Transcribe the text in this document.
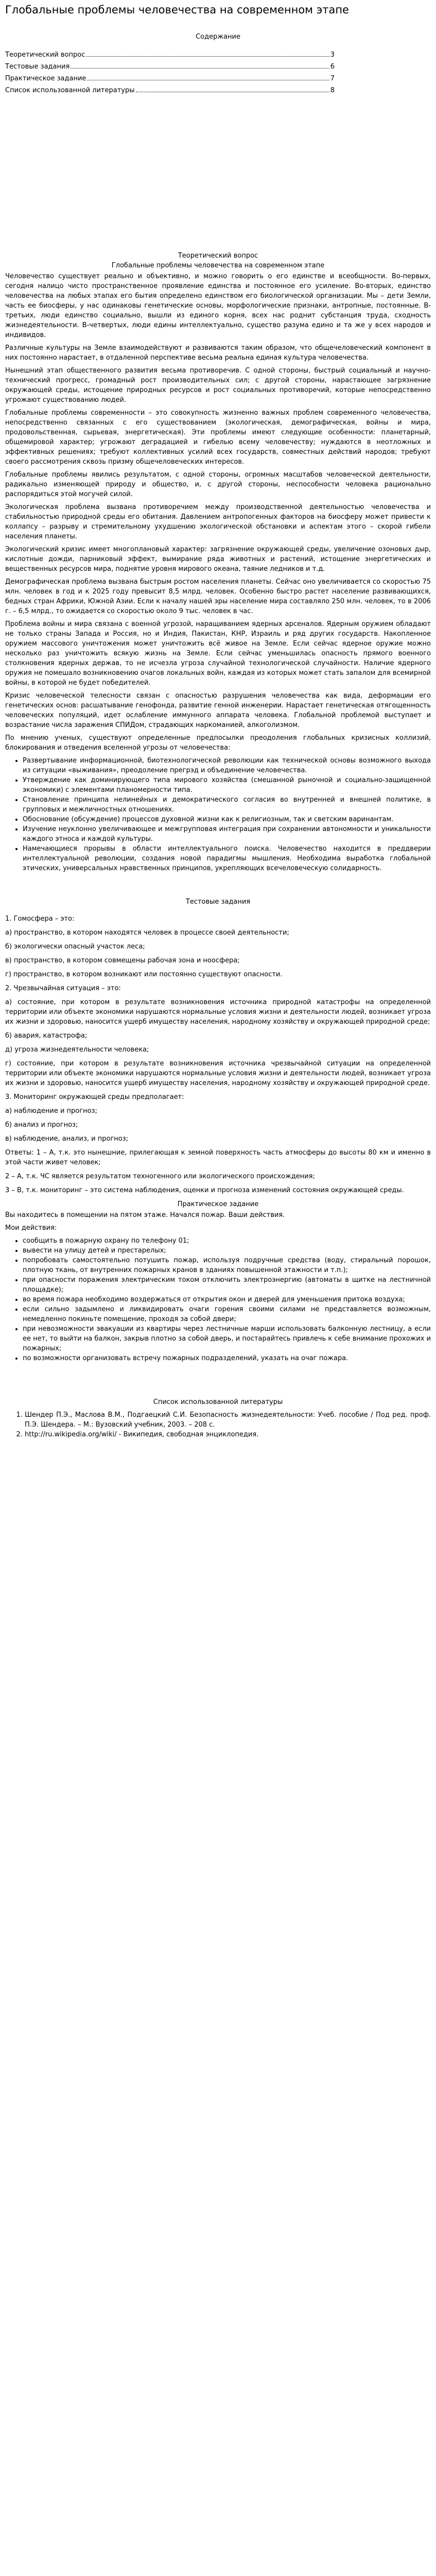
Глобальные проблемы человечества на современном этапе
Содержание
Теоретический вопрос	3
Тестовые задания	6
Практическое задание	7
Список использованной литературы	8
Теоретический вопрос
Глобальные проблемы человечества на современном этапе

Человечество существует реально и объективно, и можно говорить о его единстве и всеобщности. Во-первых, сегодня налицо чисто пространственное проявление единства и постоянное его усиление. Во-вторых, единство человечества на любых этапах его бытия определено единством его биологической организации. Мы – дети Земли, часть ее биосферы, у нас одинаковы генетические основы, морфологические признаки, антропные, постоянные. В-третьих, люди единство социально, вышли из единого корня, всех нас роднит субстанция труда, сходность жизнедеятельности. В-четвертых, люди едины интеллектуально, существо разума едино и та же у всех народов и индивидов.

Различные культуры на Земле взаимодействуют и развиваются таким образом, что общечеловеческий компонент в них постоянно нарастает, в отдаленной перспективе весьма реальна единая культура человечества.

Нынешний этап общественного развития весьма противоречив. С одной стороны, быстрый социальный и научно-технический прогресс, громадный рост производительных сил; с другой стороны, нарастающее загрязнение окружающей среды, истощение природных ресурсов и рост социальных противоречий, которые непосредственно угрожают существованию людей.

Глобальные проблемы современности – это совокупность жизненно важных проблем современного человечества, непосредственно связанных с его существованием (экологическая, демографическая, войны и мира, продовольственная, сырьевая, энергетическая). Эти проблемы имеют следующие особенности: планетарный, общемировой характер; угрожают деградацией и гибелью всему человечеству; нуждаются в неотложных и эффективных решениях; требуют коллективных усилий всех государств, совместных действий народов; требуют своего рассмотрения сквозь призму общечеловеческих интересов.

Глобальные проблемы явились результатом, с одной стороны, огромных масштабов человеческой деятельности, радикально изменяющей природу и общество, и, с другой стороны, неспособности человека рационально распорядиться этой могучей силой.

Экологическая проблема вызвана противоречием между производственной деятельностью человечества и стабильностью природной среды его обитания. Давлением антропогенных факторов на биосферу может привести к коллапсу – разрыву и стремительному ухудшению экологической обстановки и аспектам этого – скорой гибели населения планеты.

Экологический кризис имеет многоплановый характер: загрязнение окружающей среды, увеличение озоновых дыр, кислотные дожди, парниковый эффект, вымирание ряда животных и растений, истощение энергетических и вещественных ресурсов мира, поднятие уровня мирового океана, таяние ледников и т.д.

Демографическая проблема вызвана быстрым ростом населения планеты. Сейчас оно увеличивается со скоростью 75 млн. человек в год и к 2025 году превысит 8,5 млрд. человек. Особенно быстро растет население развивающихся, бедных стран Африки, Южной Азии. Если к началу нашей эры население мира составляло 250 млн. человек, то в 2006 г. – 6,5 млрд., то ожидается со скоростью около 9 тыс. человек в час.

Проблема войны и мира связана с военной угрозой, наращиванием ядерных арсеналов. Ядерным оружием обладают не только страны Запада и Россия, но и Индия, Пакистан, КНР, Израиль и ряд других государств. Накопленное оружием массового уничтожения может уничтожить всё живое на Земле. Если сейчас ядерное оружие можно несколько раз уничтожить всякую жизнь на Земле. Если сейчас уменьшилась опасность прямого военного столкновения ядерных держав, то не исчезла угроза случайной технологической случайности. Наличие ядерного оружия не помешало возникновению очагов локальных войн, каждая из которых может стать запалом для всемирной войны, в которой не будет победителей.

Кризис человеческой телесности связан с опасностью разрушения человечества как вида, деформации его генетических основ: расшатывание генофонда, развитие генной инженерии. Нарастает генетическая отягощенность человеческих популяций, идет ослабление иммунного аппарата человека. Глобальной проблемой выступает и возрастание числа заражения СПИДом, страдающих наркоманией, алкоголизмом.

По мнению ученых, существуют определенные предпосылки преодоления глобальных кризисных коллизий, блокирования и отведения вселенной угрозы от человечества:

• Развертывание информационной, биотехнологической революции как технической основы возможного выхода из ситуации «выживания», преодоление прегрэд и объединение человечества.
• Утверждение как доминирующего типа мирового хозяйства (смешанной рыночной и социально-защищенной экономики) с элементами планомерности типа.
• Становление принципа нелинейных и демократического согласия во внутренней и внешней политике, в групповых и межличностных отношениях.
• Обоснование (обсуждение) процессов духовной жизни как к религиозным, так и светским варинантам.
• Изучение неуклонно увеличивающее и межгрупповая интеграция при сохранении автономности и уникальности каждого этноса и каждой культуры.
• Намечающиеся прорывы в области интеллектуального поиска. Человечество находится в преддверии интеллектуальной революции, создания новой парадигмы мышления. Необходима выработка глобальной этических, универсальных нравственных принципов, укрепляющих всечеловеческую солидарность.
Тестовые задания

1. Гомосфера – это:

а) пространство, в котором находятся человек в процессе своей деятельности;

б) экологически опасный участок леса;

в) пространство, в котором совмещены рабочая зона и ноосфера;

г) пространство, в котором возникают или постоянно существуют опасности.

2. Чрезвычайная ситуация – это:

а) состояние, при котором в результате возникновения источника природной катастрофы на определенной территории или объекте экономики нарушаются нормальные условия жизни и деятельности людей, возникает угроза их жизни и здоровью, наносится ущерб имуществу населения, народному хозяйству и окружающей природной среде;

б) авария, катастрофа;

д) угроза жизнедеятельности человека;

г) состояние, при котором в результате возникновения источника чрезвычайной ситуации на определенной территории или объекте экономики нарушаются нормальные условия жизни и деятельности людей, возникает угроза их жизни и здоровью, наносится ущерб имуществу населения, народному хозяйству и окружающей природной среде.

3. Мониторинг окружающей среды предполагает:

а) наблюдение и прогноз;

б) анализ и прогноз;

в) наблюдение, анализ, и прогноз;

Ответы: 1 – А, т.к. это нынешние, прилегающая к земной поверхность часть атмосферы до высоты 80 км и именно в этой части живет человек;

2 – А, т.к. ЧС является результатом техногенного или экологического происхождения;

3 – В, т.к. мониторинг – это система наблюдения, оценки и прогноза изменений состояния окружающей среды.

Практическое задание

Вы находитесь в помещении на пятом этаже. Начался пожар. Ваши действия.

Мои действия:

• сообщить в пожарную охрану по телефону 01;
• вывести на улицу детей и престарелых;
• попробовать самостоятельно потушить пожар, используя подручные средства (воду, стиральный порошок, плотную ткань, от внутренних пожарных кранов в зданиях повышенной этажности и т.п.);
• при опасности поражения электрическим током отключить электроэнергию (автоматы в щитке на лестничной площадке);
• во время пожара необходимо воздержаться от открытия окон и дверей для уменьшения притока воздуха;
• если сильно задымлено и ликвидировать очаги горения своими силами не представляется возможным, немедленно покиньте помещение, проходя за собой двери;
• при невозможности эвакуации из квартиры через лестничные марши использовать балконную лестницу, а если ее нет, то выйти на балкон, закрыв плотно за собой дверь, и постарайтесь привлечь к себе внимание прохожих и пожарных;
• по возможности организовать встречу пожарных подразделений, указать на очаг пожара.
Список использованной литературы
1. Шендер П.Э., Маслова В.М., Подгаецкий С.И. Безопасность жизнедеятельности: Учеб. пособие / Под ред. проф. П.Э. Шендера. – М.: Вузовский учебник, 2003. – 208 с.
2. http://ru.wikipedia.org/wiki/ - Википедия, свободная энциклопедия.
